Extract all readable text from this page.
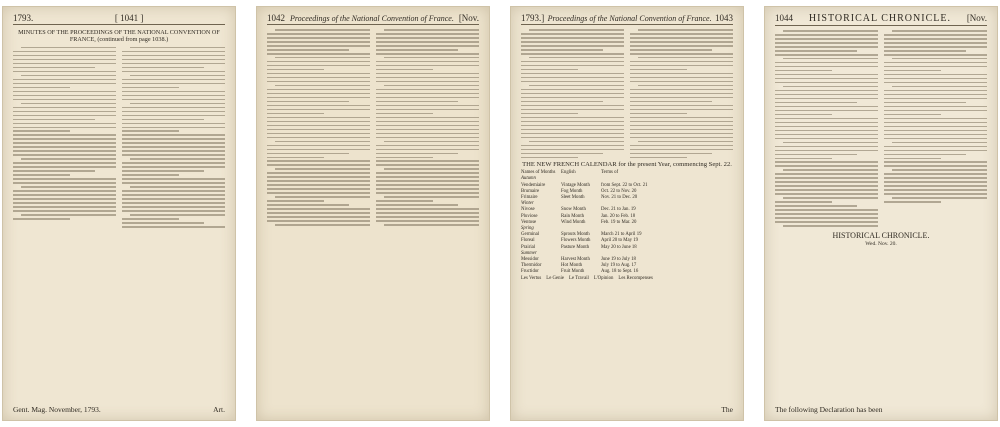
1793.	[ 1041 ]
MINUTES OF THE PROCEEDINGS OF THE NATIONAL CONVENTION OF FRANCE, (continued from page 1038.)
Gent. Mag. November, 1793.	Art.
1042 Proceedings of the National Convention of France. [Nov.	1793.] Proceedings of the National Convention of France. 1043
THE NEW FRENCH CALENDAR for the present Year, commencing Sept. 22.
Names of Months	English	Terms of
Autumn
Vendemiaire	Vintage Month	from Sept. 22 to Oct. 21
Brumaire	Fog Month	Oct. 22 to Nov. 20
Frimaire	Sleet Month	Nov. 21 to Dec. 20
Winter
Nivose	Snow Month	Dec. 21 to Jan. 19
Pluviose	Rain Month	Jan. 20 to Feb. 18
Ventose	Wind Month	Feb. 19 to Mar. 20
Spring
Germinal	Sprouts Month	March 21 to April 19
Floreal	Flowers Month	April 20 to May 19
Prairial	Pasture Month	May 20 to June 18
Summer
Messidor	Harvest Month	June 19 to July 18
Thermidor	Hot Month	July 19 to Aug. 17
Fructidor	Fruit Month	Aug. 18 to Sept. 16
Les Vertus Le Genie Le Travail L'Opinion Les Recompenses
The
1044 HISTORICAL CHRONICLE. [Nov.
HISTORICAL CHRONICLE.
Wed. Nov. 20.
The following Declaration has been
